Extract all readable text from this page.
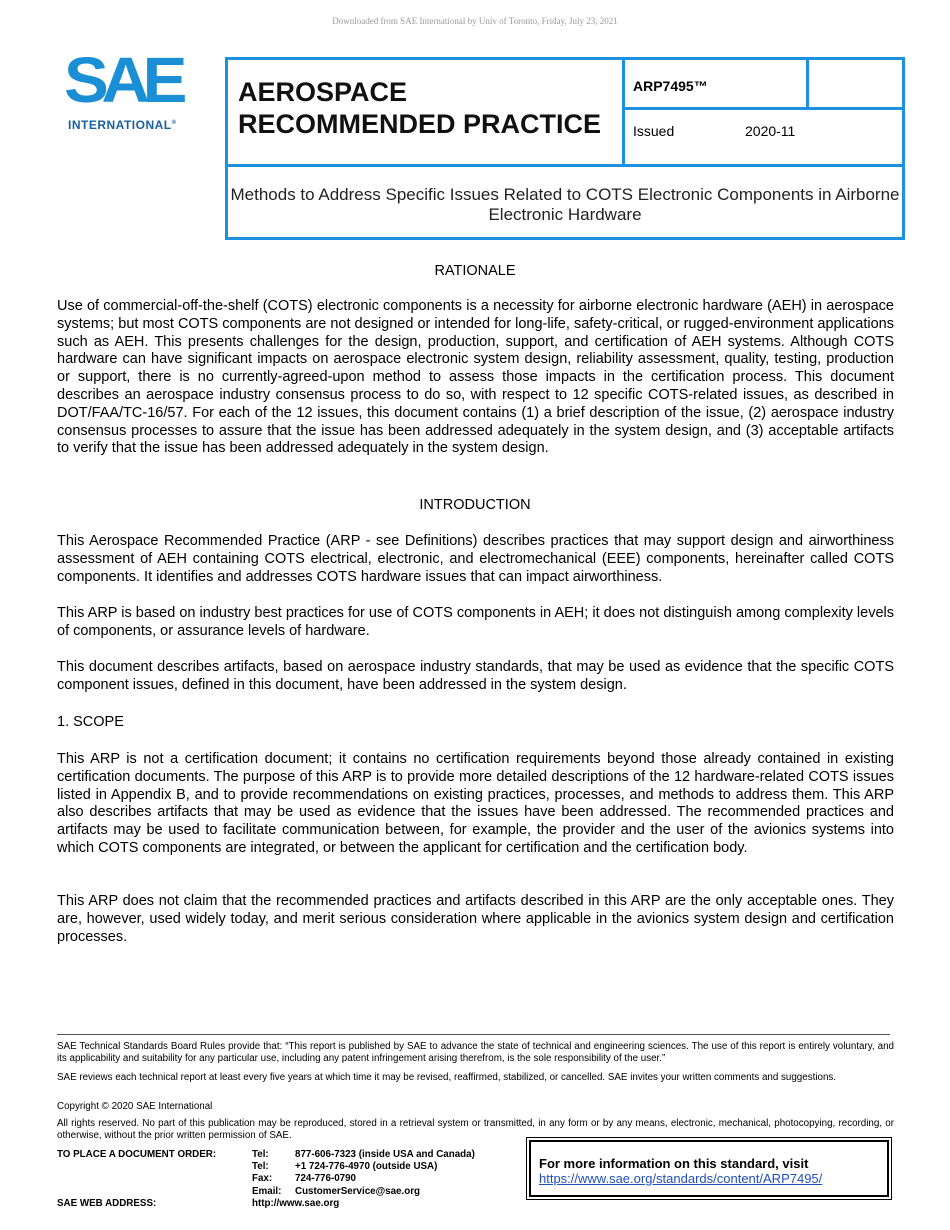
Downloaded from SAE International by Univ of Toronto, Friday, July 23, 2021
SAE
INTERNATIONAL®
AEROSPACE
RECOMMENDED PRACTICE
ARP7495™
Issued	2020-11
Methods to Address Specific Issues Related to COTS Electronic Components in Airborne Electronic Hardware
RATIONALE
Use of commercial-off-the-shelf (COTS) electronic components is a necessity for airborne electronic hardware (AEH) in aerospace systems; but most COTS components are not designed or intended for long-life, safety-critical, or rugged-environment applications such as AEH. This presents challenges for the design, production, support, and certification of AEH systems. Although COTS hardware can have significant impacts on aerospace electronic system design, reliability assessment, quality, testing, production or support, there is no currently-agreed-upon method to assess those impacts in the certification process. This document describes an aerospace industry consensus process to do so, with respect to 12 specific COTS-related issues, as described in DOT/FAA/TC-16/57. For each of the 12 issues, this document contains (1) a brief description of the issue, (2) aerospace industry consensus processes to assure that the issue has been addressed adequately in the system design, and (3) acceptable artifacts to verify that the issue has been addressed adequately in the system design.
INTRODUCTION
This Aerospace Recommended Practice (ARP - see Definitions) describes practices that may support design and airworthiness assessment of AEH containing COTS electrical, electronic, and electromechanical (EEE) components, hereinafter called COTS components. It identifies and addresses COTS hardware issues that can impact airworthiness.
This ARP is based on industry best practices for use of COTS components in AEH; it does not distinguish among complexity levels of components, or assurance levels of hardware.
This document describes artifacts, based on aerospace industry standards, that may be used as evidence that the specific COTS component issues, defined in this document, have been addressed in the system design.
1. SCOPE
This ARP is not a certification document; it contains no certification requirements beyond those already contained in existing certification documents. The purpose of this ARP is to provide more detailed descriptions of the 12 hardware-related COTS issues listed in Appendix B, and to provide recommendations on existing practices, processes, and methods to address them. This ARP also describes artifacts that may be used as evidence that the issues have been addressed. The recommended practices and artifacts may be used to facilitate communication between, for example, the provider and the user of the avionics systems into which COTS components are integrated, or between the applicant for certification and the certification body.
This ARP does not claim that the recommended practices and artifacts described in this ARP are the only acceptable ones. They are, however, used widely today, and merit serious consideration where applicable in the avionics system design and certification processes.
SAE Technical Standards Board Rules provide that: “This report is published by SAE to advance the state of technical and engineering sciences. The use of this report is entirely voluntary, and its applicability and suitability for any particular use, including any patent infringement arising therefrom, is the sole responsibility of the user.”
SAE reviews each technical report at least every five years at which time it may be revised, reaffirmed, stabilized, or cancelled. SAE invites your written comments and suggestions.
Copyright © 2020 SAE International
All rights reserved. No part of this publication may be reproduced, stored in a retrieval system or transmitted, in any form or by any means, electronic, mechanical, photocopying, recording, or otherwise, without the prior written permission of SAE.
TO PLACE A DOCUMENT ORDER:	Tel:	877-606-7323 (inside USA and Canada)
Tel:	+1 724-776-4970 (outside USA)
Fax:	724-776-0790
Email:	CustomerService@sae.org
SAE WEB ADDRESS:	http://www.sae.org
For more information on this standard, visit
https://www.sae.org/standards/content/ARP7495/
